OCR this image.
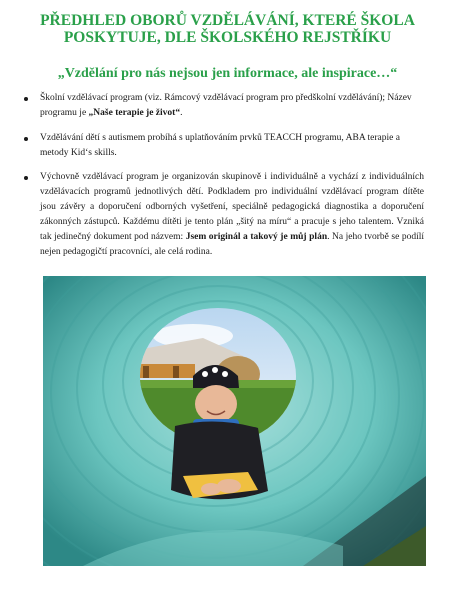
PŘEDHLED OBORŮ VZDĚLÁVÁNÍ, KTERÉ ŠKOLA
POSKYTUJE, DLE ŠKOLSKÉHO REJSTŘÍKU

„Vzdělání pro nás nejsou jen informace, ale inspirace…“

Školní vzdělávací program (viz. Rámcový vzdělávací program pro předškolní vzdělávání); Název programu je „Naše terapie je život“.
Vzdělávání dětí s autismem probíhá s uplatňováním prvků TEACCH programu, ABA terapie a metody Kid‘s skills.
Výchovně vzdělávací program je organizován skupinově i individuálně a vychází z individuálních vzdělávacích programů jednotlivých dětí. Podkladem pro individuální vzdělávací program dítěte jsou závěry a doporučení odborných vyšetření, speciálně pedagogická diagnostika a doporučení zákonných zástupců. Každému dítěti je tento plán „šitý na míru“ a pracuje s jeho talentem. Vzniká tak jedinečný dokument pod názvem: Jsem originál a takový je můj plán. Na jeho tvorbě se podílí nejen pedagogičtí pracovníci, ale celá rodina.
